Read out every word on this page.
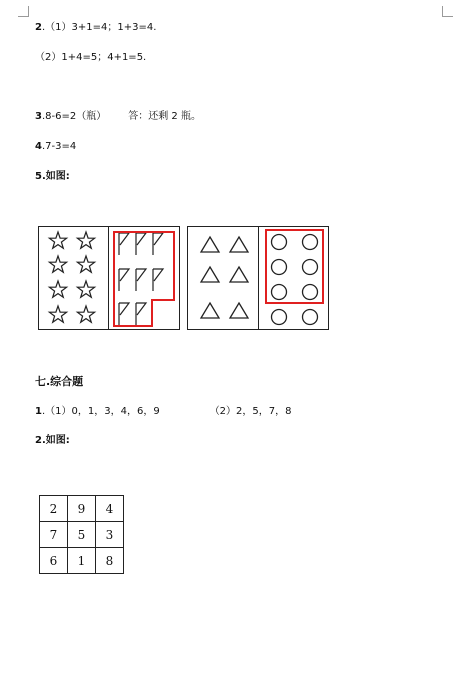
2.（1）3+1=4；1+3=4.
（2）1+4=5；4+1=5.
3.8-6=2（瓶） 答：还剩 2 瓶。
4.7-3=4
5.如图:
七.综合题
1.（1）0，1，3，4，6，9	（2）2，5，7，8
2.如图:
2	9	4
7	5	3
6	1	8
